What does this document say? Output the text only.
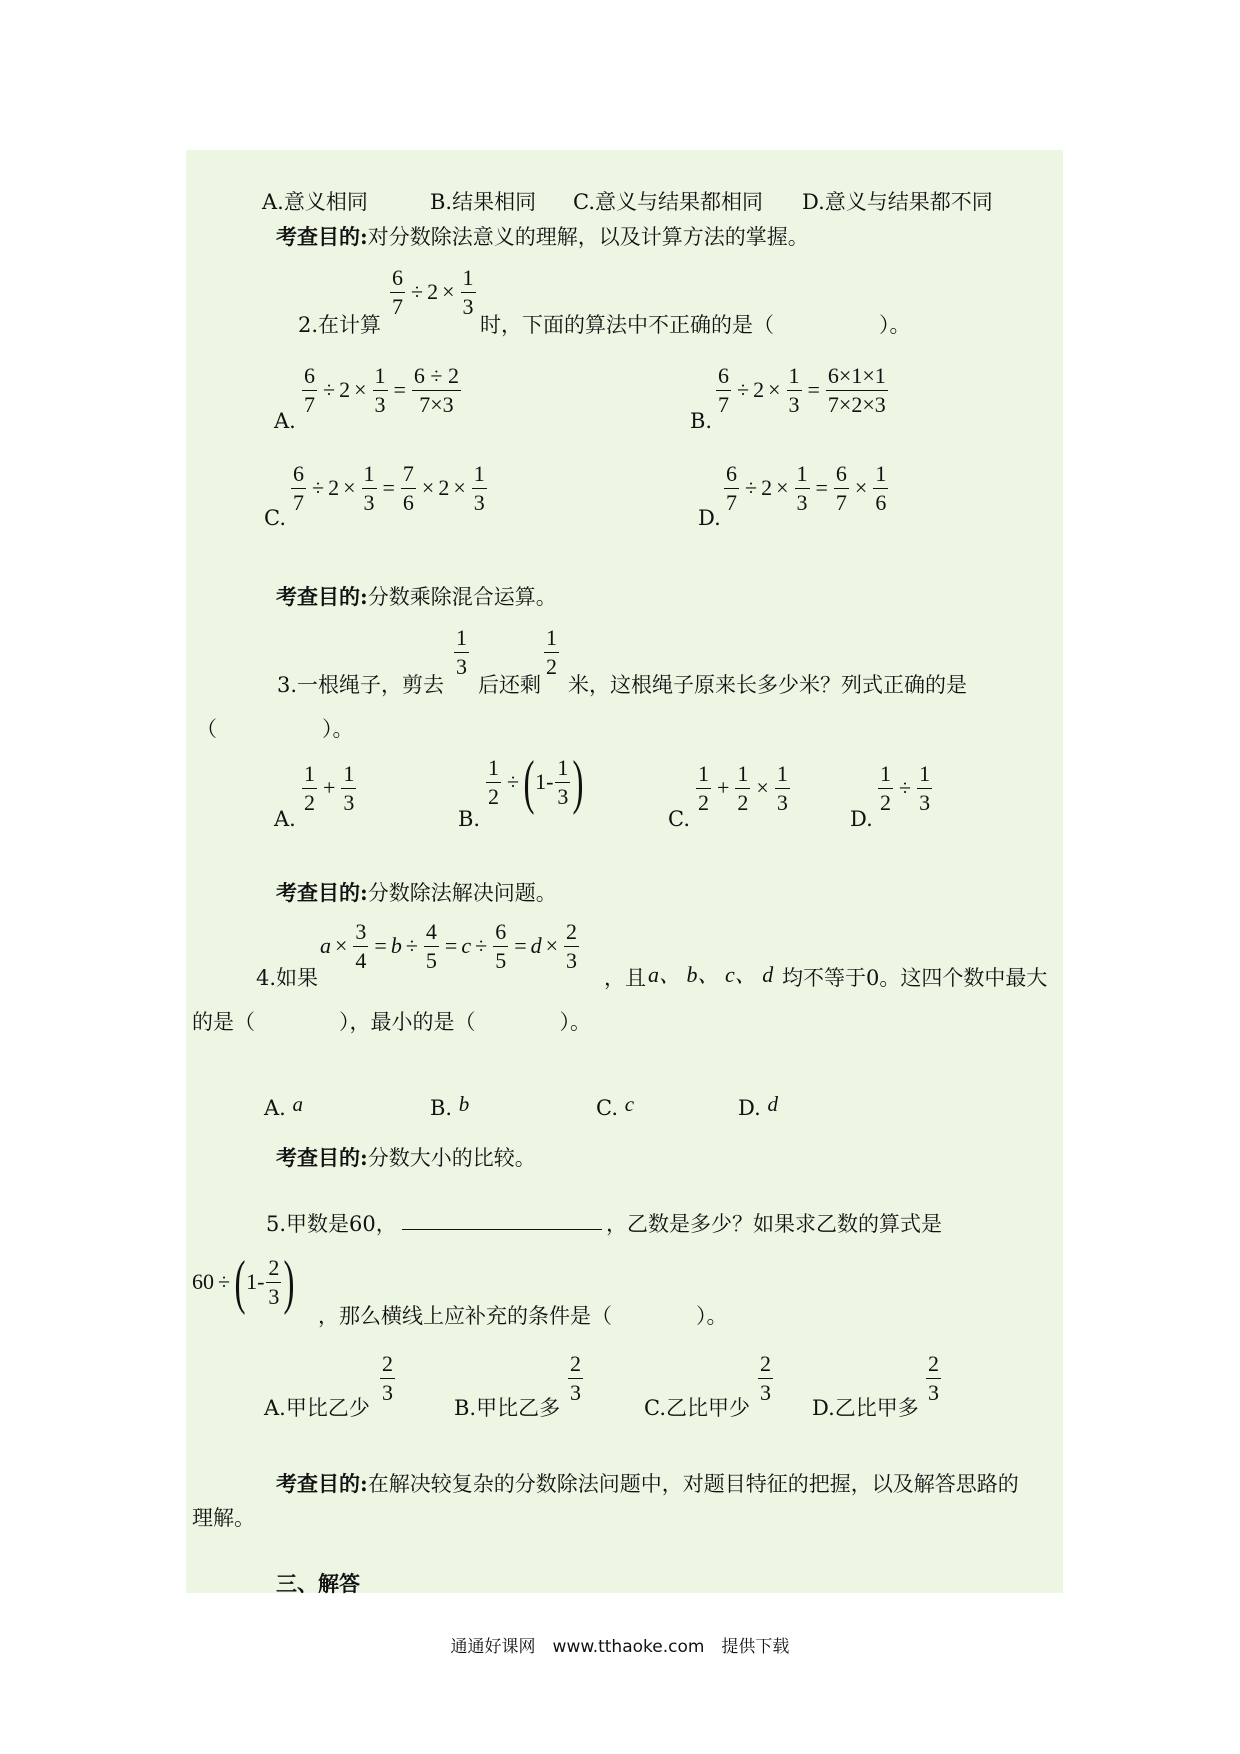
A.意义相同	B.结果相同 C.意义与结果都相同 D.意义与结果都不同
考查目的:对分数除法意义的理解，以及计算方法的掌握。
2.在计算
$\frac{6}{7} \div 2 \times \frac{1}{3}$
时，下面的算法中不正确的是（　　　　　）。
A.
$\frac{6}{7} \div 2 \times \frac{1}{3} = \frac{6 \div 2}{7\times 3}$
B.
$\frac{6}{7} \div 2 \times \frac{1}{3} = \frac{6\times 1\times 1}{7\times 2\times 3}$
C.
$\frac{6}{7} \div 2 \times \frac{1}{3} = \frac{7}{6} \times 2 \times \frac{1}{3}$
D.
$\frac{6}{7} \div 2 \times \frac{1}{3} = \frac{6}{7} \times \frac{1}{6}$
考查目的:分数乘除混合运算。
3.一根绳子，剪去
$\frac{1}{3}$
后还剩
$\frac{1}{2}$
米，这根绳子原来长多少米？列式正确的是
（　　　　　）。
A.
$\frac{1}{2} + \frac{1}{3}$
B.
$\frac{1}{2}$ ÷ ( $1- \frac{1}{3}$ )
C.
$\frac{1}{2} + \frac{1}{2} \times \frac{1}{3}$
D.
$\frac{1}{2} \div \frac{1}{3}$
考查目的:分数除法解决问题。
4.如果
$a \times \frac{3}{4} = b \div \frac{4}{5} = c \div \frac{6}{5} = d \times \frac{2}{3}$
，且 a、 b、 c、 d 均不等于0。这四个数中最大
的是（　　　　），最小的是（　　　　）。
A. a	B. b	C. c	D. d
考查目的:分数大小的比较。
5.甲数是60，	，乙数是多少？如果求乙数的算式是
60 ÷ ( $1- \frac{2}{3}$ )
，那么横线上应补充的条件是（　　　　）。
A.甲比乙少
$\frac{2}{3}$
B.甲比乙多
$\frac{2}{3}$
C.乙比甲少
$\frac{2}{3}$
D.乙比甲多
$\frac{2}{3}$
考查目的:在解决较复杂的分数除法问题中，对题目特征的把握，以及解答思路的
理解。
三、解答
通通好课网　www.tthaoke.com　提供下载
